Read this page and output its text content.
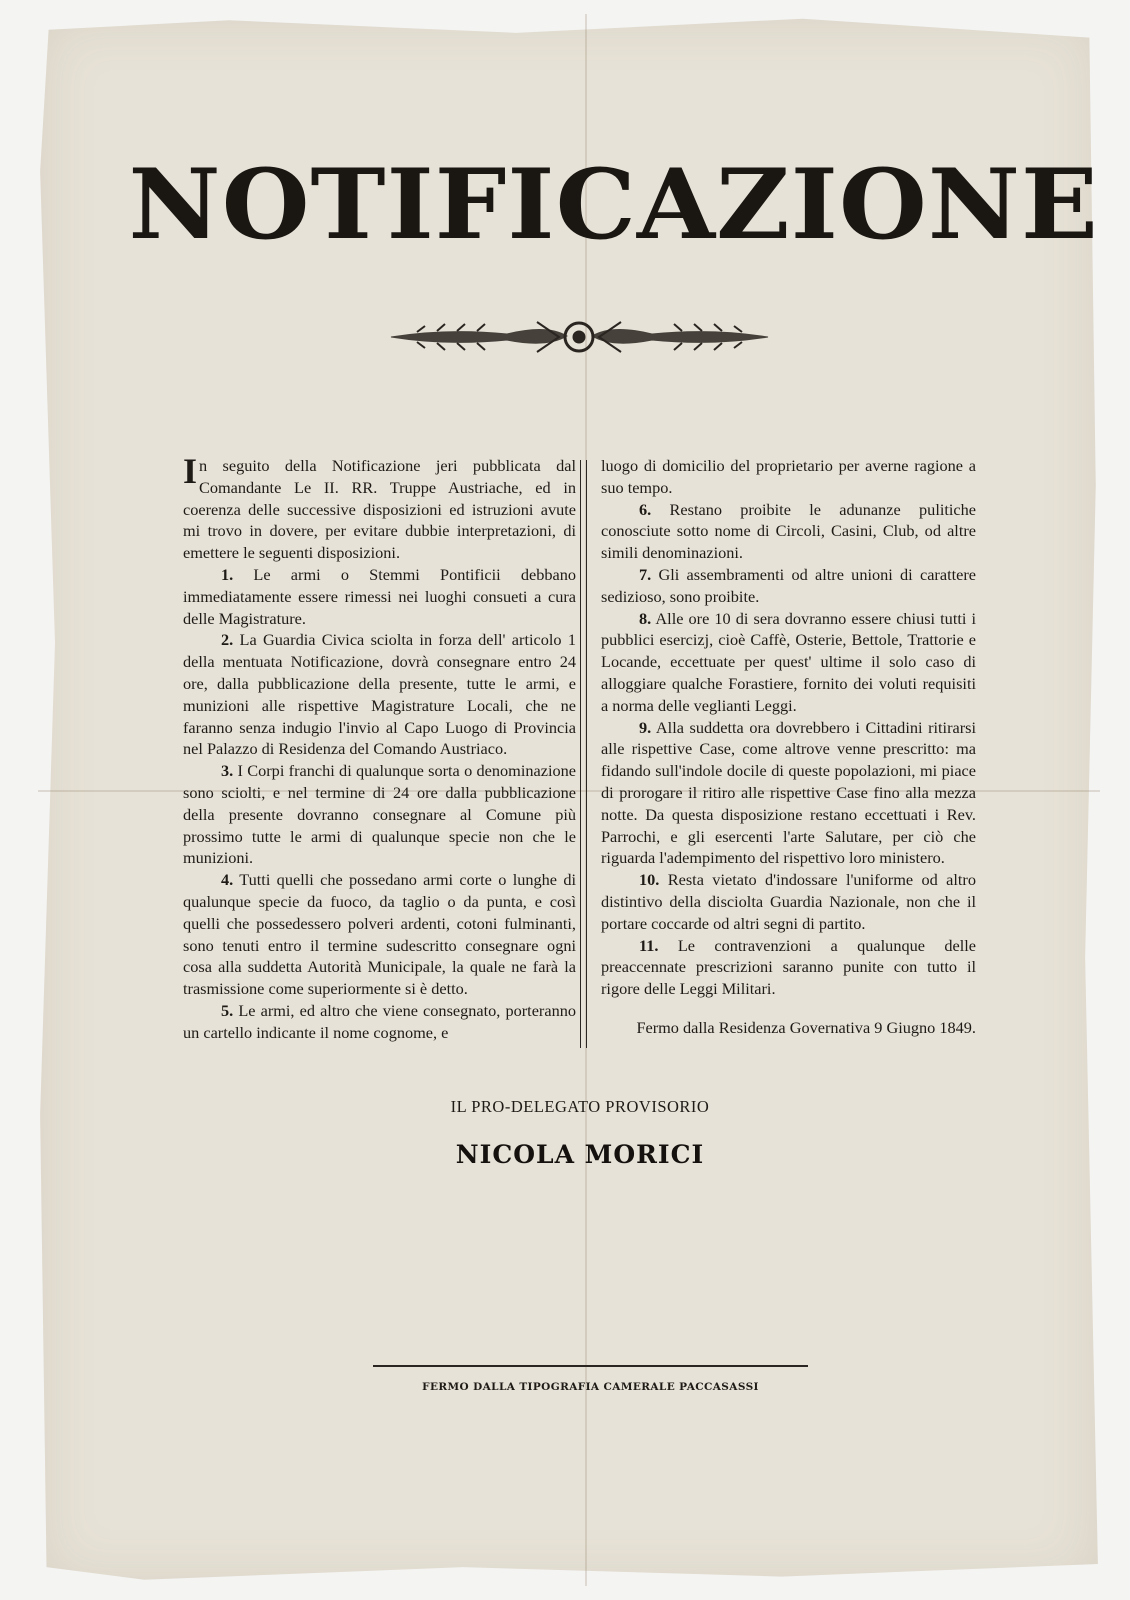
NOTIFICAZIONE

In seguito della Notificazione jeri pubblicata dal Comandante Le II. RR. Truppe Austriache, ed in coerenza delle successive disposizioni ed istruzioni avute mi trovo in dovere, per evitare dubbie interpretazioni, di emettere le seguenti disposizioni.

1. Le armi o Stemmi Pontificii debbano immediatamente essere rimessi nei luoghi consueti a cura delle Magistrature.

2. La Guardia Civica sciolta in forza dell' articolo 1 della mentuata Notificazione, dovrà consegnare entro 24 ore, dalla pubblicazione della presente, tutte le armi, e munizioni alle rispettive Magistrature Locali, che ne faranno senza indugio l'invio al Capo Luogo di Provincia nel Palazzo di Residenza del Comando Austriaco.

3. I Corpi franchi di qualunque sorta o denominazione sono sciolti, e nel termine di 24 ore dalla pubblicazione della presente dovranno consegnare al Comune più prossimo tutte le armi di qualunque specie non che le munizioni.

4. Tutti quelli che possedano armi corte o lunghe di qualunque specie da fuoco, da taglio o da punta, e così quelli che possedessero polveri ardenti, cotoni fulminanti, sono tenuti entro il termine sudescritto consegnare ogni cosa alla suddetta Autorità Municipale, la quale ne farà la trasmissione come superiormente si è detto.

5. Le armi, ed altro che viene consegnato, porteranno un cartello indicante il nome cognome, e

luogo di domicilio del proprietario per averne ragione a suo tempo.

6. Restano proibite le adunanze pulitiche conosciute sotto nome di Circoli, Casini, Club, od altre simili denominazioni.

7. Gli assembramenti od altre unioni di carattere sedizioso, sono proibite.

8. Alle ore 10 di sera dovranno essere chiusi tutti i pubblici esercizj, cioè Caffè, Osterie, Bettole, Trattorie e Locande, eccettuate per quest' ultime il solo caso di alloggiare qualche Forastiere, fornito dei voluti requisiti a norma delle veglianti Leggi.

9. Alla suddetta ora dovrebbero i Cittadini ritirarsi alle rispettive Case, come altrove venne prescritto: ma fidando sull'indole docile di queste popolazioni, mi piace di prorogare il ritiro alle rispettive Case fino alla mezza notte. Da questa disposizione restano eccettuati i Rev. Parrochi, e gli esercenti l'arte Salutare, per ciò che riguarda l'adempimento del rispettivo loro ministero.

10. Resta vietato d'indossare l'uniforme od altro distintivo della disciolta Guardia Nazionale, non che il portare coccarde od altri segni di partito.

11. Le contravenzioni a qualunque delle preaccennate prescrizioni saranno punite con tutto il rigore delle Leggi Militari.

Fermo dalla Residenza Governativa 9 Giugno 1849.
IL PRO-DELEGATO PROVISORIO
NICOLA MORICI
FERMO DALLA TIPOGRAFIA CAMERALE PACCASASSI
